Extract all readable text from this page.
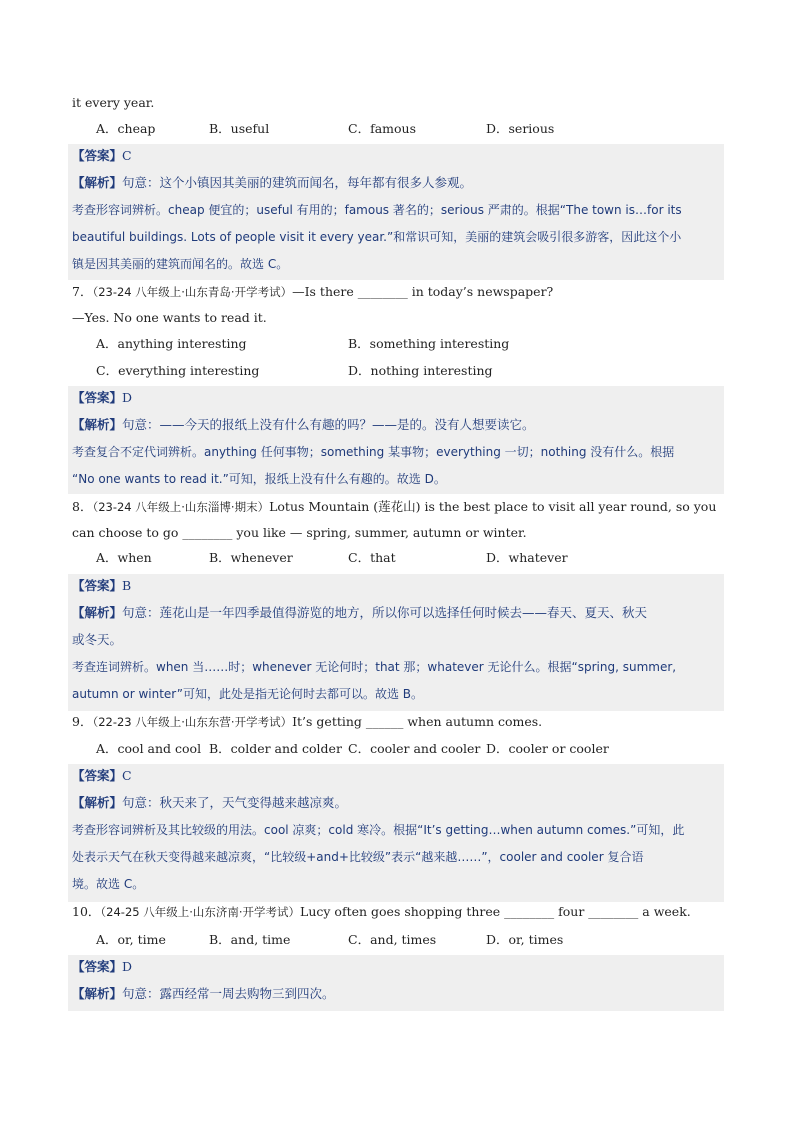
it every year.
A．cheap	B．useful	C．famous	D．serious
【答案】C
【解析】句意：这个小镇因其美丽的建筑而闻名，每年都有很多人参观。
考查形容词辨析。cheap 便宜的；useful 有用的；famous 著名的；serious 严肃的。根据“The town is…for its
beautiful buildings. Lots of people visit it every year.”和常识可知，美丽的建筑会吸引很多游客，因此这个小
镇是因其美丽的建筑而闻名的。故选 C。
7．（23-24 八年级上·山东青岛·开学考试）—Is there ________ in today’s newspaper?
—Yes. No one wants to read it.
A．anything interesting	B．something interesting
C．everything interesting	D．nothing interesting
【答案】D
【解析】句意：——今天的报纸上没有什么有趣的吗？——是的。没有人想要读它。
考查复合不定代词辨析。anything 任何事物；something 某事物；everything 一切；nothing 没有什么。根据
“No one wants to read it.”可知，报纸上没有什么有趣的。故选 D。
8．（23-24 八年级上·山东淄博·期末）Lotus Mountain (莲花山) is the best place to visit all year round, so you
can choose to go ________ you like — spring, summer, autumn or winter.
A．when	B．whenever	C．that	D．whatever
【答案】B
【解析】句意：莲花山是一年四季最值得游览的地方，所以你可以选择任何时候去——春天、夏天、秋天
或冬天。
考查连词辨析。when 当……时；whenever 无论何时；that 那；whatever 无论什么。根据“spring, summer,
autumn or winter”可知，此处是指无论何时去都可以。故选 B。
9．（22-23 八年级上·山东东营·开学考试）It’s getting ______ when autumn comes.
A．cool and cool B．colder and colder C．cooler and cooler D．cooler or cooler
【答案】C
【解析】句意：秋天来了，天气变得越来越凉爽。
考查形容词辨析及其比较级的用法。cool 凉爽；cold 寒冷。根据“It’s getting…when autumn comes.”可知，此
处表示天气在秋天变得越来越凉爽，“比较级+and+比较级”表示“越来越……”，cooler and cooler 复合语
境。故选 C。
10．（24-25 八年级上·山东济南·开学考试）Lucy often goes shopping three ________ four ________ a week.
A．or, time	B．and, time	C．and, times	D．or, times
【答案】D
【解析】句意：露西经常一周去购物三到四次。
